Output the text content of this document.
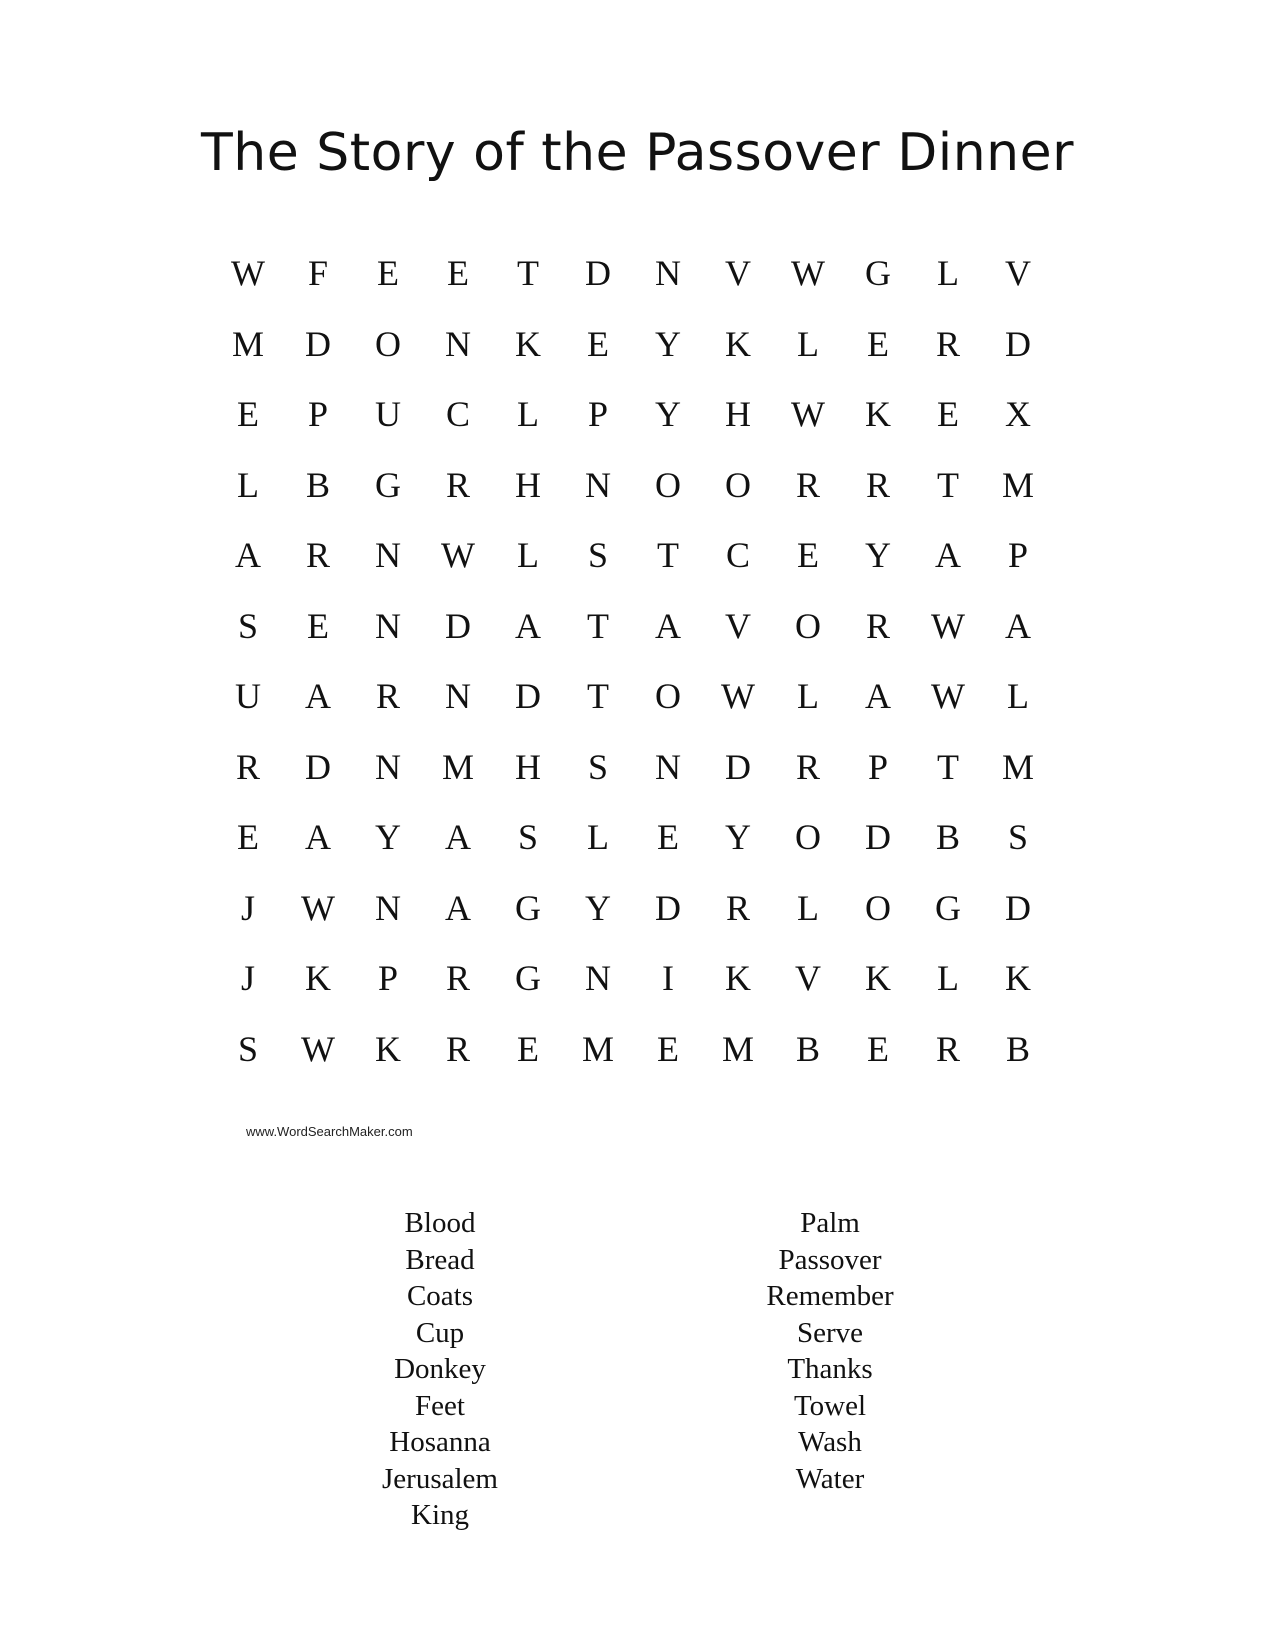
The Story of the Passover Dinner
W	F	E	E	T	D	N	V	W	G	L	V
M	D	O	N	K	E	Y	K	L	E	R	D
E	P	U	C	L	P	Y	H	W	K	E	X
L	B	G	R	H	N	O	O	R	R	T	M
A	R	N	W	L	S	T	C	E	Y	A	P
S	E	N	D	A	T	A	V	O	R	W	A
U	A	R	N	D	T	O	W	L	A	W	L
R	D	N	M	H	S	N	D	R	P	T	M
E	A	Y	A	S	L	E	Y	O	D	B	S
J	W	N	A	G	Y	D	R	L	O	G	D
J	K	P	R	G	N	I	K	V	K	L	K
S	W	K	R	E	M	E	M	B	E	R	B
www.WordSearchMaker.com
Blood
Bread
Coats
Cup
Donkey
Feet
Hosanna
Jerusalem
King
Palm
Passover
Remember
Serve
Thanks
Towel
Wash
Water
